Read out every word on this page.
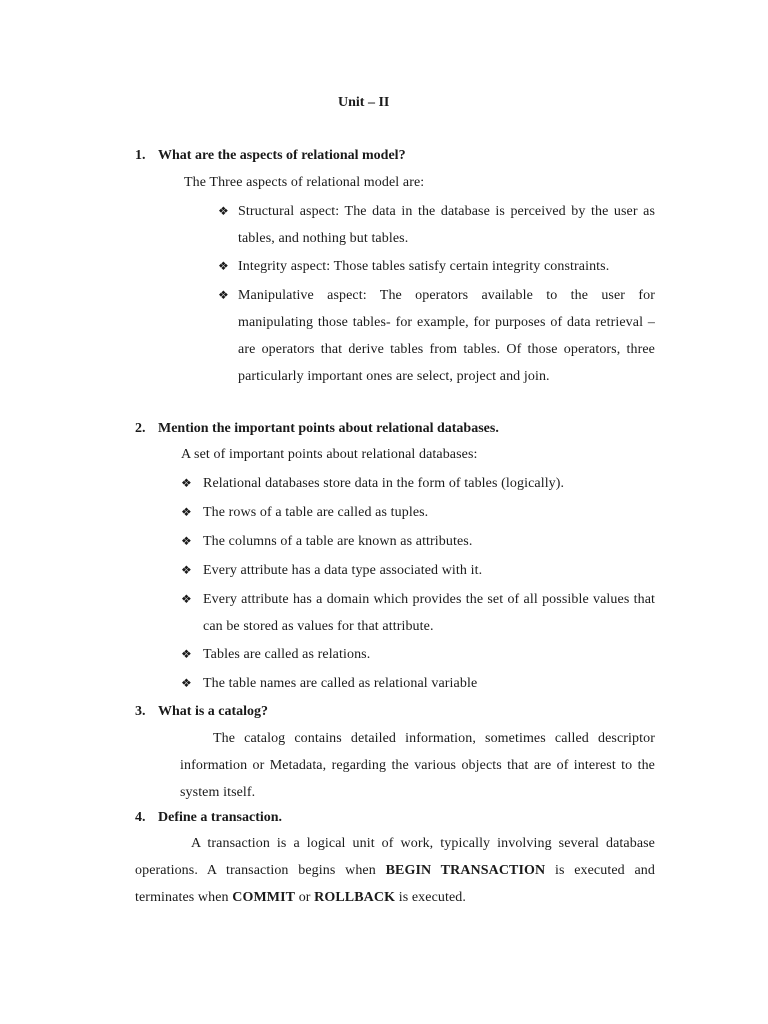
Unit – II
1. What are the aspects of relational model?
The Three aspects of relational model are:
❖ Structural aspect: The data in the database is perceived by the user as tables, and nothing but tables.
❖ Integrity aspect: Those tables satisfy certain integrity constraints.
❖ Manipulative aspect: The operators available to the user for manipulating those tables- for example, for purposes of data retrieval – are operators that derive tables from tables. Of those operators, three particularly important ones are select, project and join.
2. Mention the important points about relational databases.
A set of important points about relational databases:
❖ Relational databases store data in the form of tables (logically).
❖ The rows of a table are called as tuples.
❖ The columns of a table are known as attributes.
❖ Every attribute has a data type associated with it.
❖ Every attribute has a domain which provides the set of all possible values that can be stored as values for that attribute.
❖ Tables are called as relations.
❖ The table names are called as relational variable
3. What is a catalog?
The catalog contains detailed information, sometimes called descriptor information or Metadata, regarding the various objects that are of interest to the system itself.
4. Define a transaction.
A transaction is a logical unit of work, typically involving several database operations. A transaction begins when BEGIN TRANSACTION is executed and terminates when COMMIT or ROLLBACK is executed.
